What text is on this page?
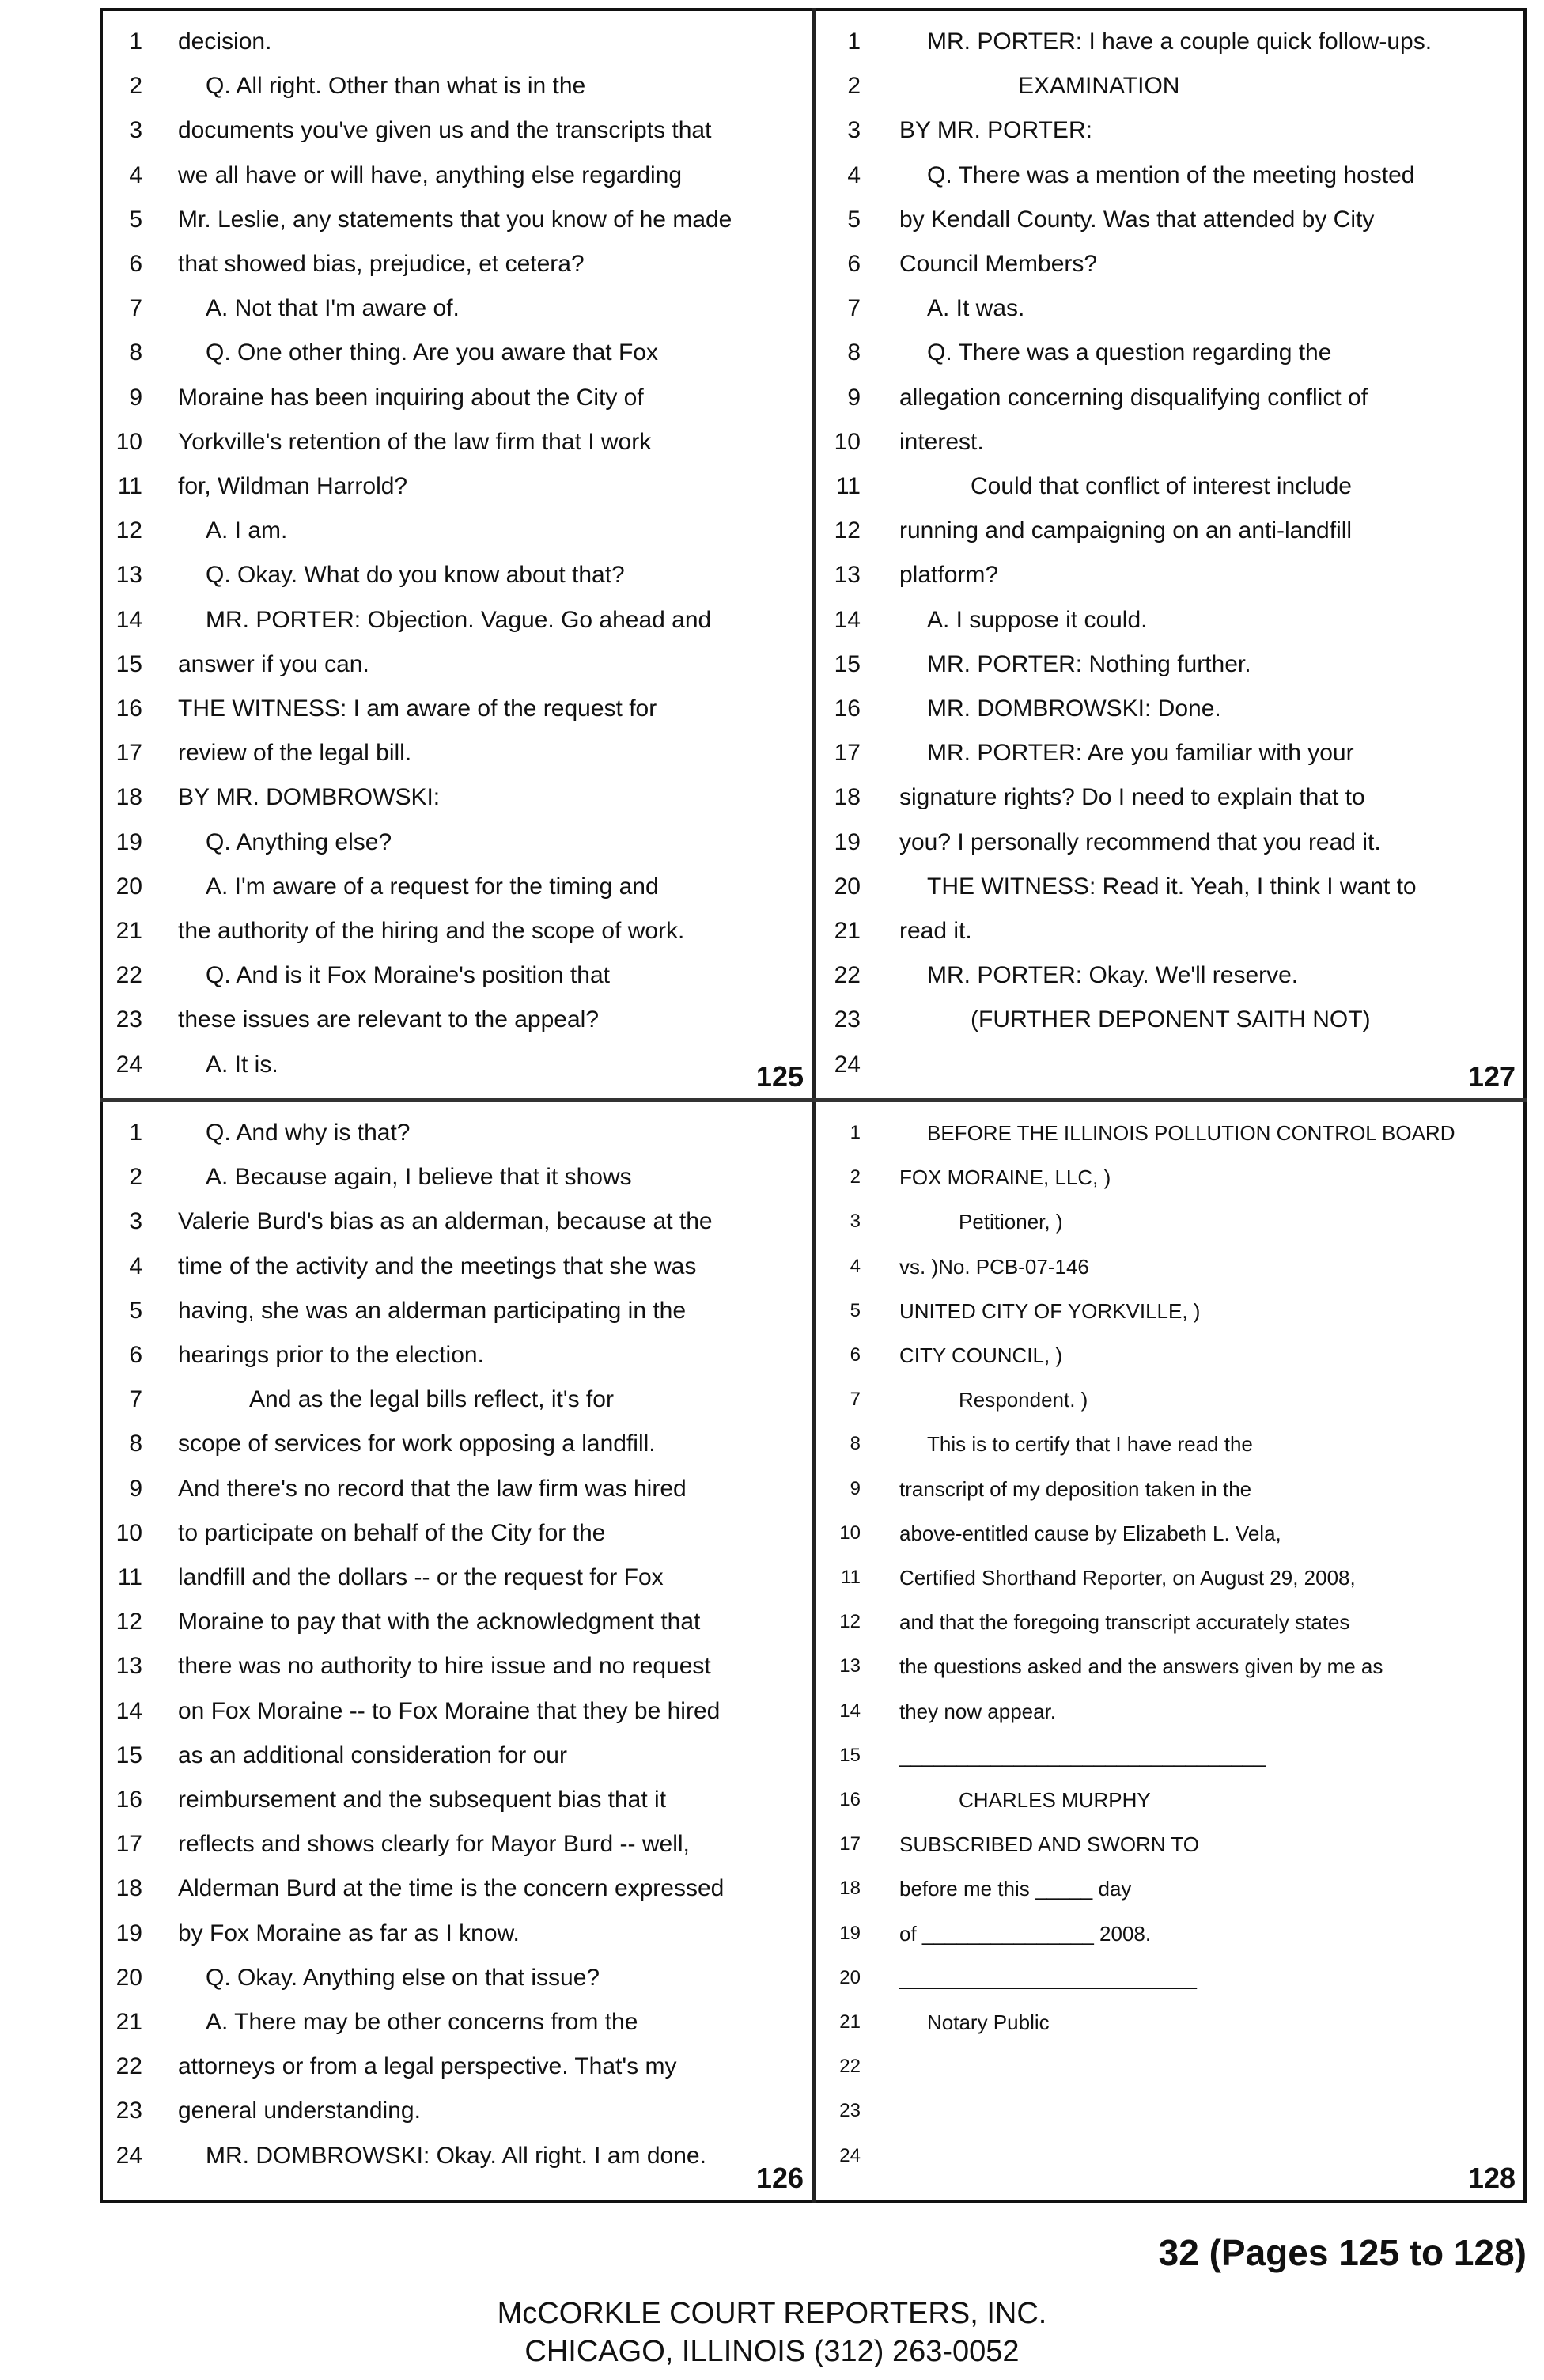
125
1 decision.
2	Q. All right. Other than what is in the
3 documents you've given us and the transcripts that
4 we all have or will have, anything else regarding
5 Mr. Leslie, any statements that you know of he made
6 that showed bias, prejudice, et cetera?
7	A. Not that I'm aware of.
8	Q. One other thing. Are you aware that Fox
9 Moraine has been inquiring about the City of
10 Yorkville's retention of the law firm that I work
11 for, Wildman Harrold?
12	A. I am.
13	Q. Okay. What do you know about that?
14	MR. PORTER: Objection. Vague. Go ahead and
15 answer if you can.
16 THE WITNESS: I am aware of the request for
17 review of the legal bill.
18 BY MR. DOMBROWSKI:
19	Q. Anything else?
20	A. I'm aware of a request for the timing and
21 the authority of the hiring and the scope of work.
22	Q. And is it Fox Moraine's position that
23 these issues are relevant to the appeal?
24	A. It is.	127
1	MR. PORTER: I have a couple quick follow-ups.
2	EXAMINATION
3 BY MR. PORTER:
4	Q. There was a mention of the meeting hosted
5 by Kendall County. Was that attended by City
6 Council Members?
7	A. It was.
8	Q. There was a question regarding the
9 allegation concerning disqualifying conflict of
10 interest.
11	Could that conflict of interest include
12 running and campaigning on an anti-landfill
13 platform?
14	A. I suppose it could.
15	MR. PORTER: Nothing further.
16	MR. DOMBROWSKI: Done.
17	MR. PORTER: Are you familiar with your
18 signature rights? Do I need to explain that to
19 you? I personally recommend that you read it.
20	THE WITNESS: Read it. Yeah, I think I want to
21 read it.
22	MR. PORTER: Okay. We'll reserve.
23	(FURTHER DEPONENT SAITH NOT)
24
126
1	Q. And why is that?
2	A. Because again, I believe that it shows
3 Valerie Burd's bias as an alderman, because at the
4 time of the activity and the meetings that she was
5 having, she was an alderman participating in the
6 hearings prior to the election.
7	And as the legal bills reflect, it's for
8 scope of services for work opposing a landfill.
9 And there's no record that the law firm was hired
10 to participate on behalf of the City for the
11 landfill and the dollars -- or the request for Fox
12 Moraine to pay that with the acknowledgment that
13 there was no authority to hire issue and no request
14 on Fox Moraine -- to Fox Moraine that they be hired
15 as an additional consideration for our
16 reimbursement and the subsequent bias that it
17 reflects and shows clearly for Mayor Burd -- well,
18 Alderman Burd at the time is the concern expressed
19 by Fox Moraine as far as I know.
20	Q. Okay. Anything else on that issue?
21	A. There may be other concerns from the
22 attorneys or from a legal perspective. That's my
23 general understanding.
24	MR. DOMBROWSKI: Okay. All right. I am done.
128
1	BEFORE THE ILLINOIS POLLUTION CONTROL BOARD
2 FOX MORAINE, LLC, )
3	Petitioner, )
4 vs. )No. PCB-07-146
5 UNITED CITY OF YORKVILLE, )
6 CITY COUNCIL, )
7	Respondent. )
8	This is to certify that I have read the
9 transcript of my deposition taken in the
10 above-entitled cause by Elizabeth L. Vela,
11 Certified Shorthand Reporter, on August 29, 2008,
12 and that the foregoing transcript accurately states
13 the questions asked and the answers given by me as
14 they now appear.
15 ________________________________
16	CHARLES MURPHY
17 SUBSCRIBED AND SWORN TO
18 before me this _____ day
19 of _______________ 2008.
20 __________________________
21	Notary Public
22
23
24
32 (Pages 125 to 128)
McCORKLE COURT REPORTERS, INC.
CHICAGO, ILLINOIS (312) 263-0052
